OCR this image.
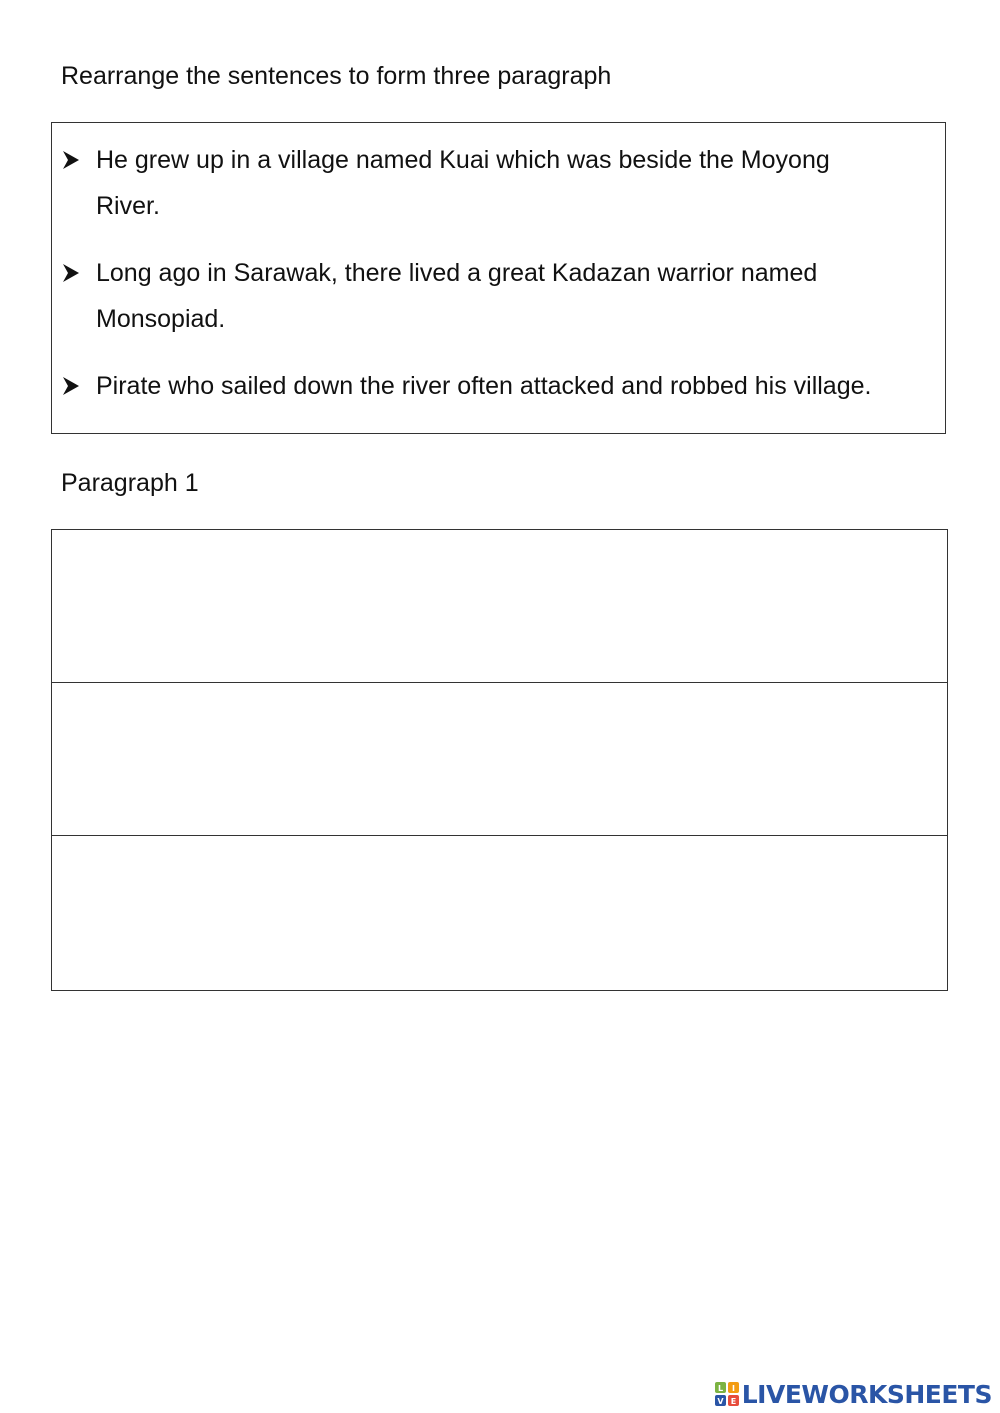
Rearrange the sentences to form three paragraph
He grew up in a village named Kuai which was beside the Moyong
River.
Long ago in Sarawak, there lived a great Kadazan warrior named
Monsopiad.
Pirate who sailed down the river often attacked and robbed his village.
Paragraph 1
L I
V E LIVEWORKSHEETS
